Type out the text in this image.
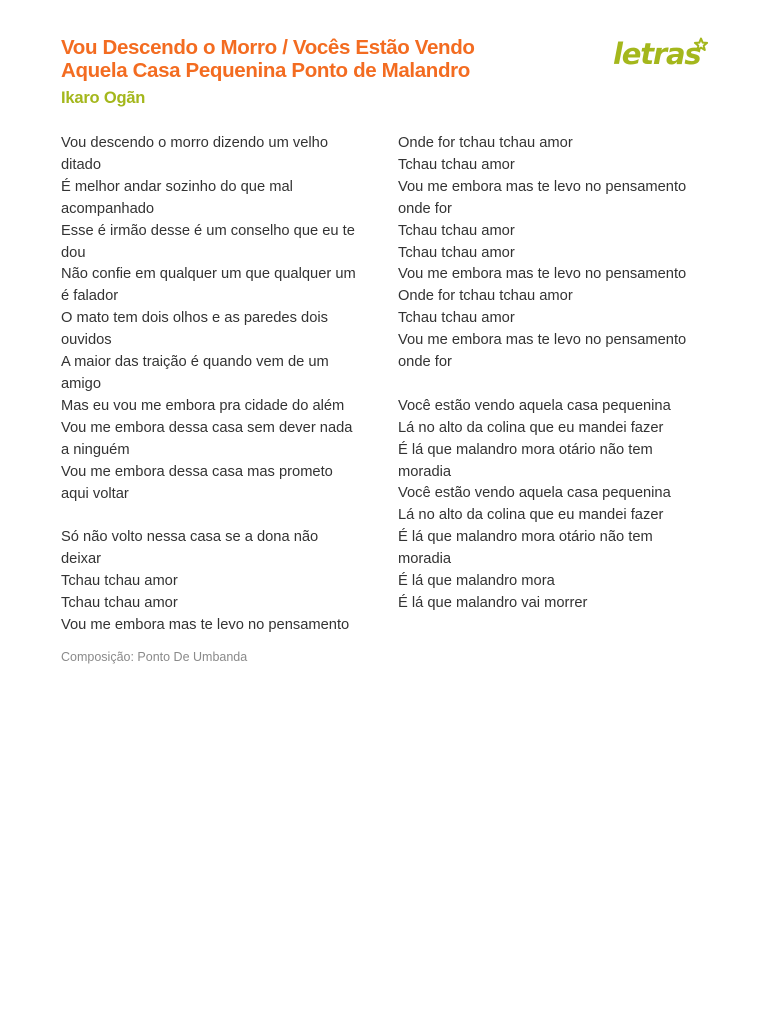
Vou Descendo o Morro / Vocês Estão Vendo
Aquela Casa Pequenina Ponto de Malandro
Ikaro Ogãn
letras
Vou descendo o morro dizendo um velho
ditado
É melhor andar sozinho do que mal
acompanhado
Esse é irmão desse é um conselho que eu te
dou
Não confie em qualquer um que qualquer um
é falador
O mato tem dois olhos e as paredes dois
ouvidos
A maior das traição é quando vem de um
amigo
Mas eu vou me embora pra cidade do além
Vou me embora dessa casa sem dever nada
a ninguém
Vou me embora dessa casa mas prometo
aqui voltar
Só não volto nessa casa se a dona não
deixar
Tchau tchau amor
Tchau tchau amor
Vou me embora mas te levo no pensamento
Onde for tchau tchau amor
Tchau tchau amor
Vou me embora mas te levo no pensamento
onde for
Tchau tchau amor
Tchau tchau amor
Vou me embora mas te levo no pensamento
Onde for tchau tchau amor
Tchau tchau amor
Vou me embora mas te levo no pensamento
onde for
Você estão vendo aquela casa pequenina
Lá no alto da colina que eu mandei fazer
É lá que malandro mora otário não tem
moradia
Você estão vendo aquela casa pequenina
Lá no alto da colina que eu mandei fazer
É lá que malandro mora otário não tem
moradia
É lá que malandro mora
É lá que malandro vai morrer
Composição: Ponto De Umbanda
